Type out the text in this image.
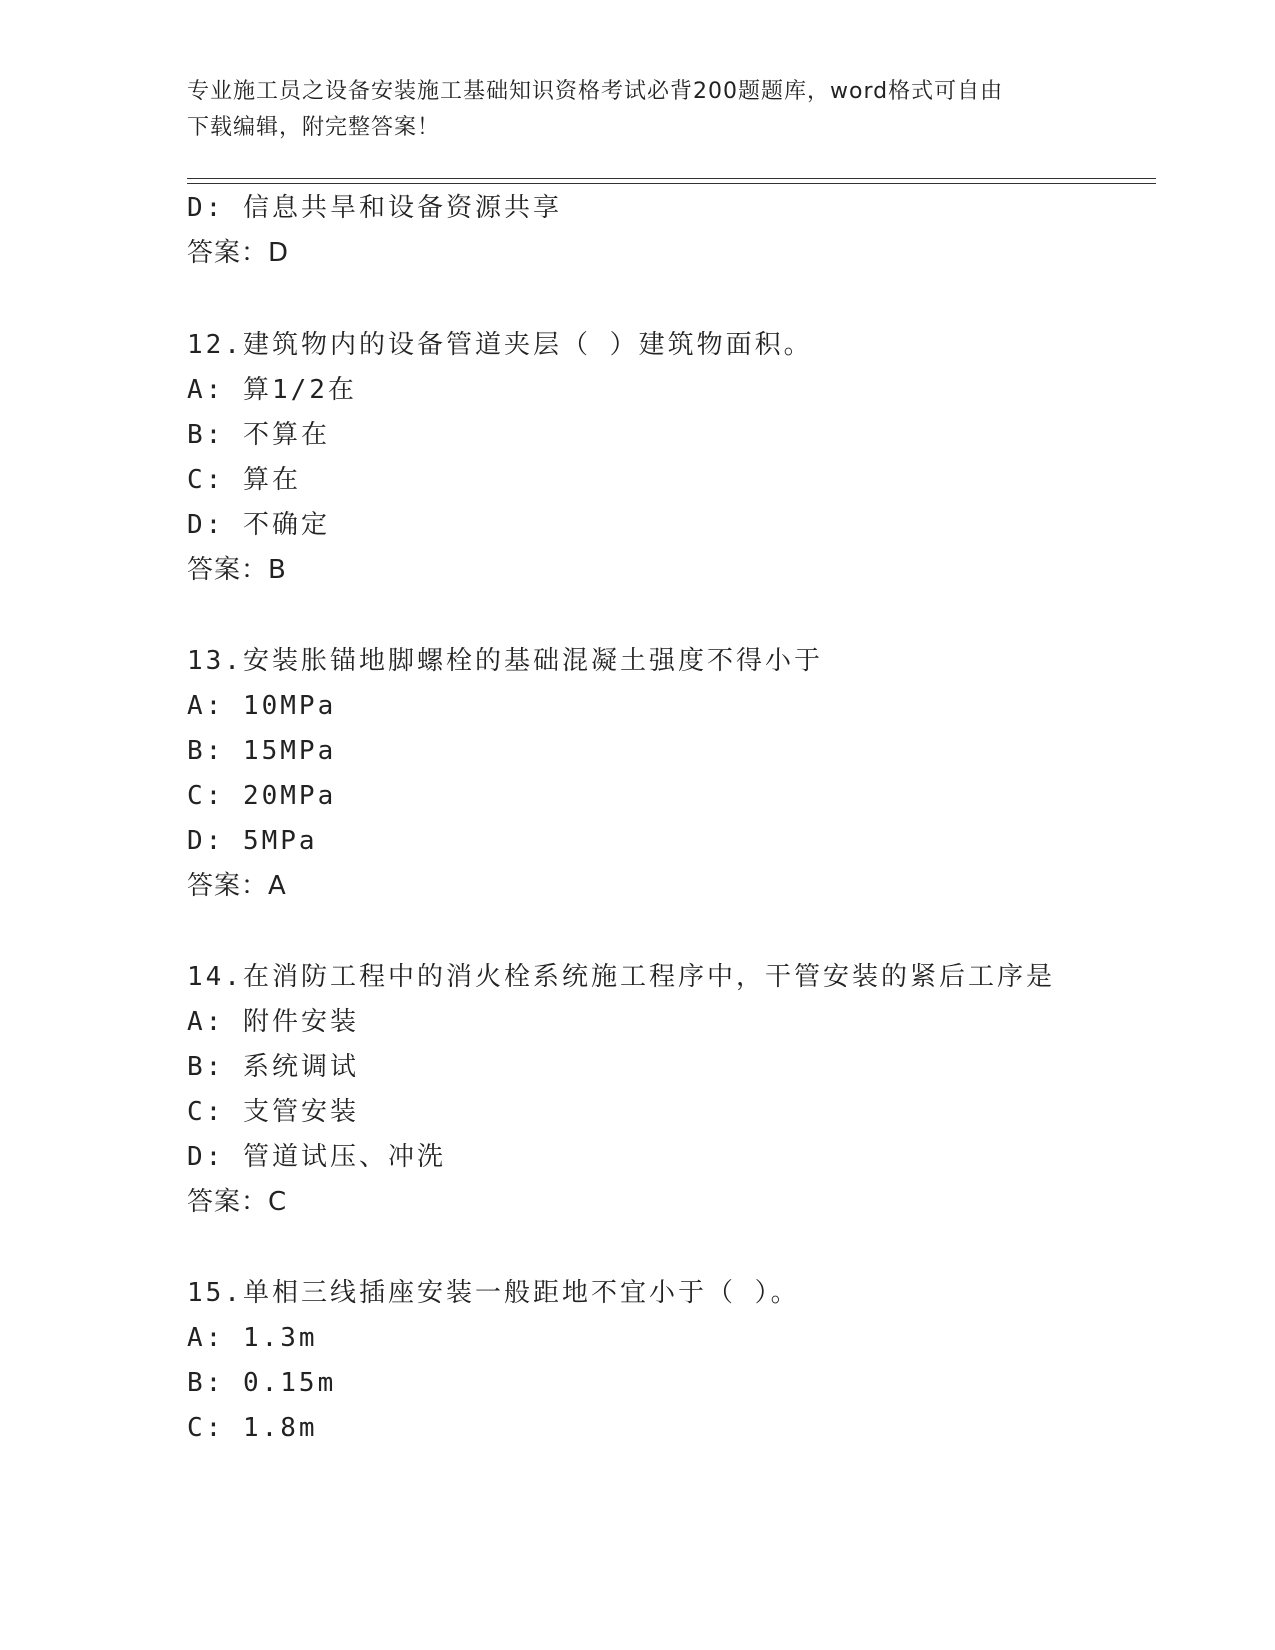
专业施工员之设备安装施工基础知识资格考试必背200题题库，word格式可自由
下载编辑，附完整答案！
D: 信息共旱和设备资源共享
答案：D
12.建筑物内的设备管道夹层（ ）建筑物面积。
A: 算1/2在
B: 不算在
C: 算在
D: 不确定
答案：B
13.安装胀锚地脚螺栓的基础混凝土强度不得小于
A: 10MPa
B: 15MPa
C: 20MPa
D: 5MPa
答案：A
14.在消防工程中的消火栓系统施工程序中，干管安装的紧后工序是
A: 附件安装
B: 系统调试
C: 支管安装
D: 管道试压、冲洗
答案：C
15.单相三线插座安装一般距地不宜小于（ ）。
A: 1.3m
B: 0.15m
C: 1.8m
